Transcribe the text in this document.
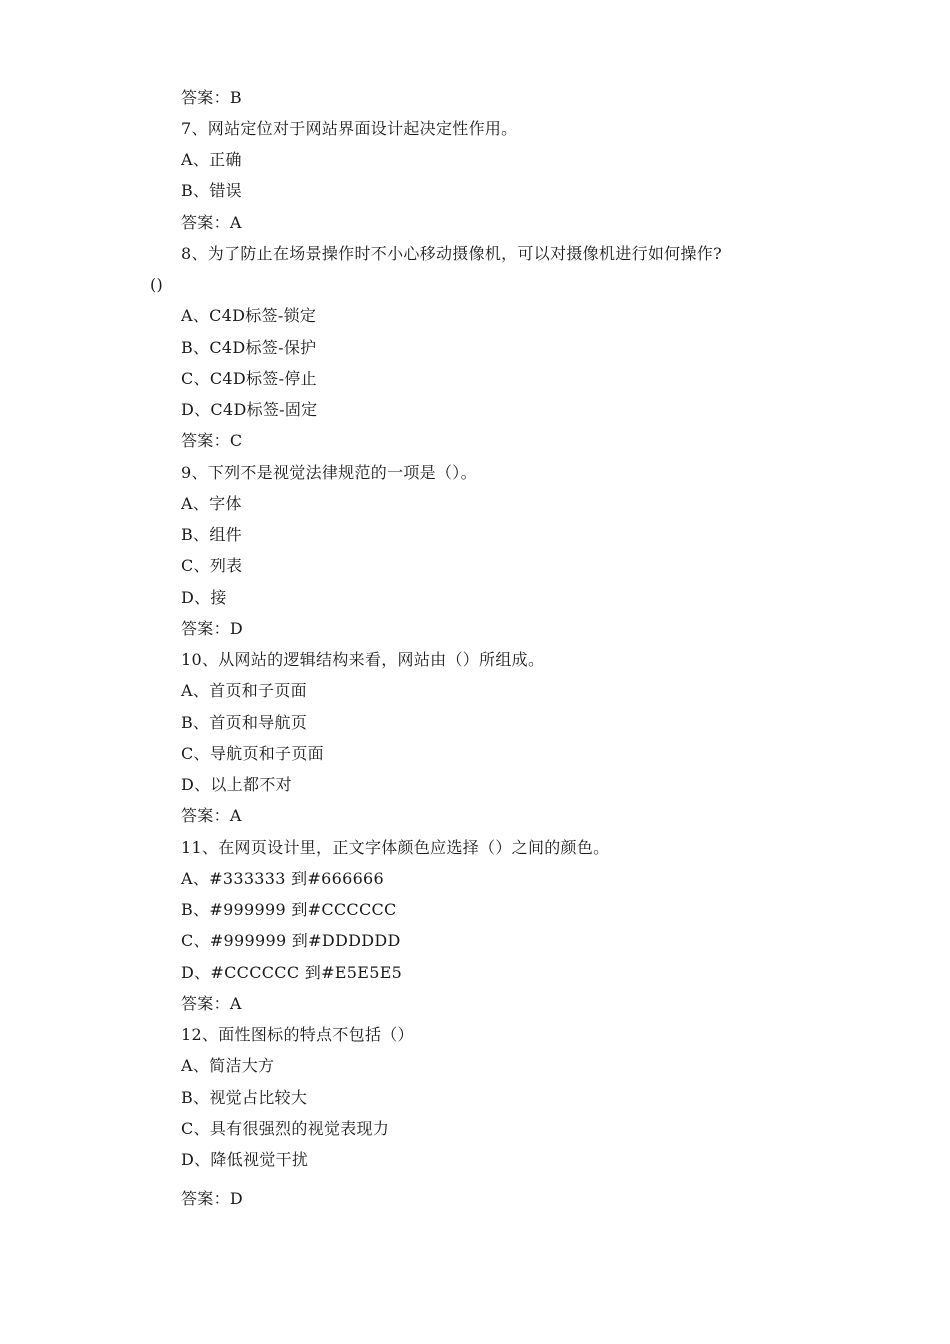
答案：B
7、网站定位对于网站界面设计起决定性作用。
A、正确
B、错误
答案：A
8、为了防止在场景操作时不小心移动摄像机，可以对摄像机进行如何操作?
()
A、C4D标签-锁定
B、C4D标签-保护
C、C4D标签-停止
D、C4D标签-固定
答案：C
9、下列不是视觉法律规范的一项是（）。
A、字体
B、组件
C、列表
D、接
答案：D
10、从网站的逻辑结构来看，网站由（）所组成。
A、首页和子页面
B、首页和导航页
C、导航页和子页面
D、以上都不对
答案：A
11、在网页设计里，正文字体颜色应选择（）之间的颜色。
A、#333333 到#666666
B、#999999 到#CCCCCC
C、#999999 到#DDDDDD
D、#CCCCCC 到#E5E5E5
答案：A
12、面性图标的特点不包括（）
A、简洁大方
B、视觉占比较大
C、具有很强烈的视觉表现力
D、降低视觉干扰
答案：D
